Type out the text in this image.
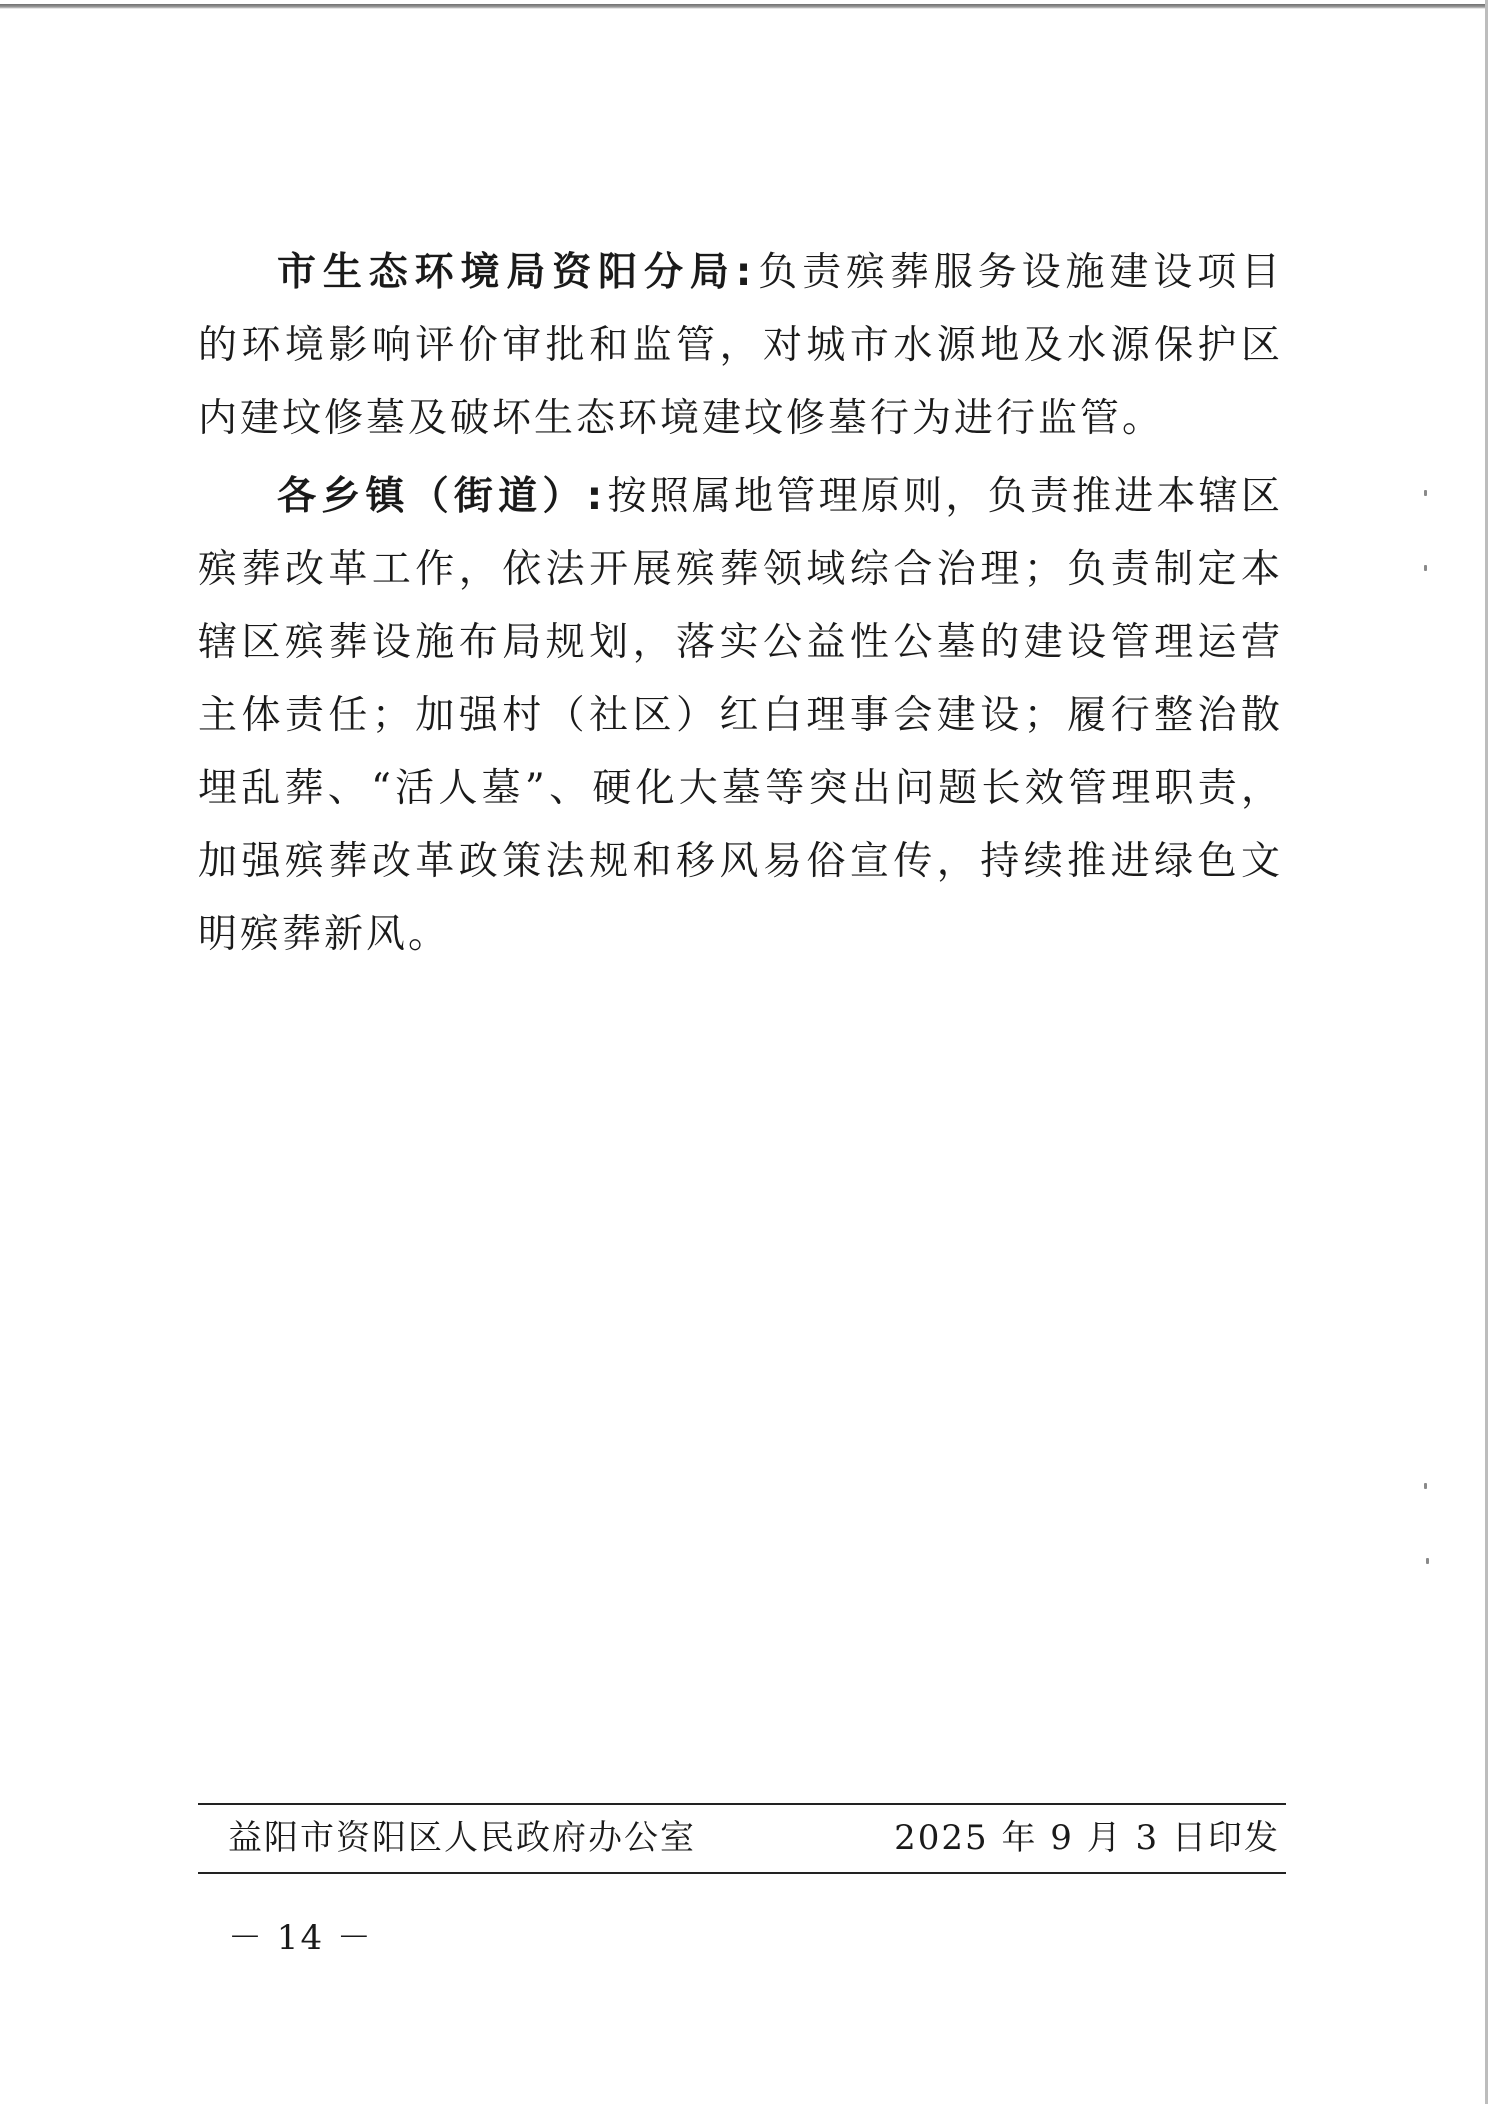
市生态环境局资阳分局:负责殡葬服务设施建设项目的环境影响评价审批和监管，对城市水源地及水源保护区内建坟修墓及破坏生态环境建坟修墓行为进行监管。

各乡镇（街道）:按照属地管理原则，负责推进本辖区殡葬改革工作，依法开展殡葬领域综合治理；负责制定本辖区殡葬设施布局规划，落实公益性公墓的建设管理运营主体责任；加强村（社区）红白理事会建设；履行整治散埋乱葬、“活人墓”、硬化大墓等突出问题长效管理职责，加强殡葬改革政策法规和移风易俗宣传，持续推进绿色文明殡葬新风。

益阳市资阳区人民政府办公室	2025 年 9 月 3 日印发
－ 14 －
